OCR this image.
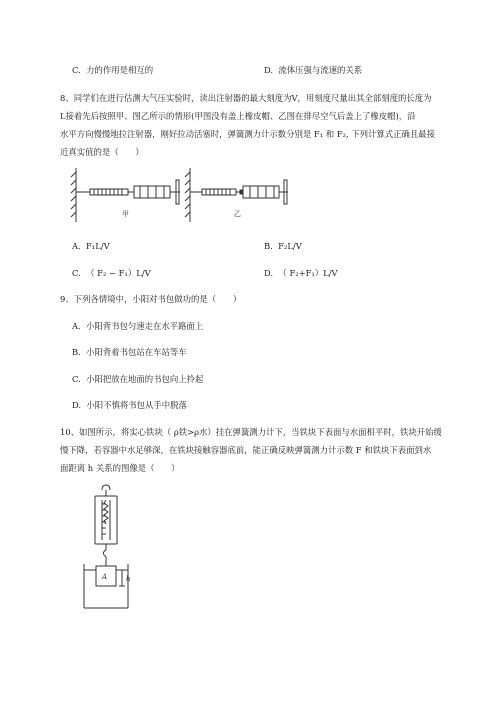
C. 力的作用是相互的	D. 流体压强与流速的关系
8、同学们在进行估测大气压实验时，读出注射器的最大刻度为V，用刻度尺量出其全部刻度的长度为
L接着先后按照甲、图乙所示的情形(甲图没有盖上橡皮帽、乙图在排尽空气后盖上了橡皮帽)，沿
水平方向慢慢地拉注射器，刚好拉动活塞时，弹簧测力计示数分别是 F₁ 和 F₂, 下列计算式正确且最接
近真实值的是（　　）
甲	乙
A. F₁L/V	B. F₂L/V
C. （ F₂ − F₁）L/V	D. （ F₂+F₁）L/V
9、下列各情境中，小阳对书包做功的是（　　）
A. 小阳背书包匀速走在水平路面上
B. 小阳背着书包站在车站等车
C. 小阳把放在地面的书包向上拎起
D. 小阳不慎将书包从手中脱落
10、如图所示，将实心铁块（ ρ铁>ρ水）挂在弹簧测力计下，当铁块下表面与水面相平时，铁块开始缓
慢下降，若容器中水足够深，在铁块接触容器底前，能正确反映弹簧测力计示数 F 和铁块下表面到水
面距离 h 关系的图像是（　　）
A	h
